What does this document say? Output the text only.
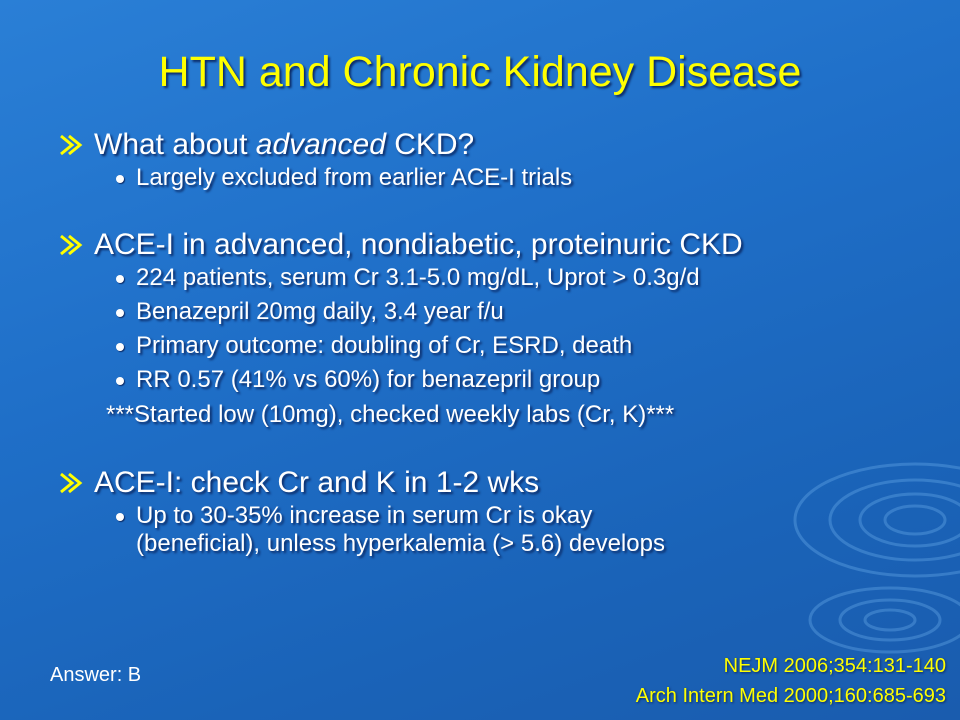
HTN and Chronic Kidney Disease
What about advanced CKD?
Largely excluded from earlier ACE-I trials
ACE-I in advanced, nondiabetic, proteinuric CKD
224 patients, serum Cr 3.1-5.0 mg/dL, Uprot > 0.3g/d
Benazepril 20mg daily, 3.4 year f/u
Primary outcome: doubling of Cr, ESRD, death
RR 0.57 (41% vs 60%) for benazepril group
***Started low (10mg), checked weekly labs (Cr, K)***
ACE-I: check Cr and K in 1-2 wks
Up to 30-35% increase in serum Cr is okay
(beneficial), unless hyperkalemia (> 5.6) develops
Answer: B	NEJM 2006;354:131-140
Arch Intern Med 2000;160:685-693
